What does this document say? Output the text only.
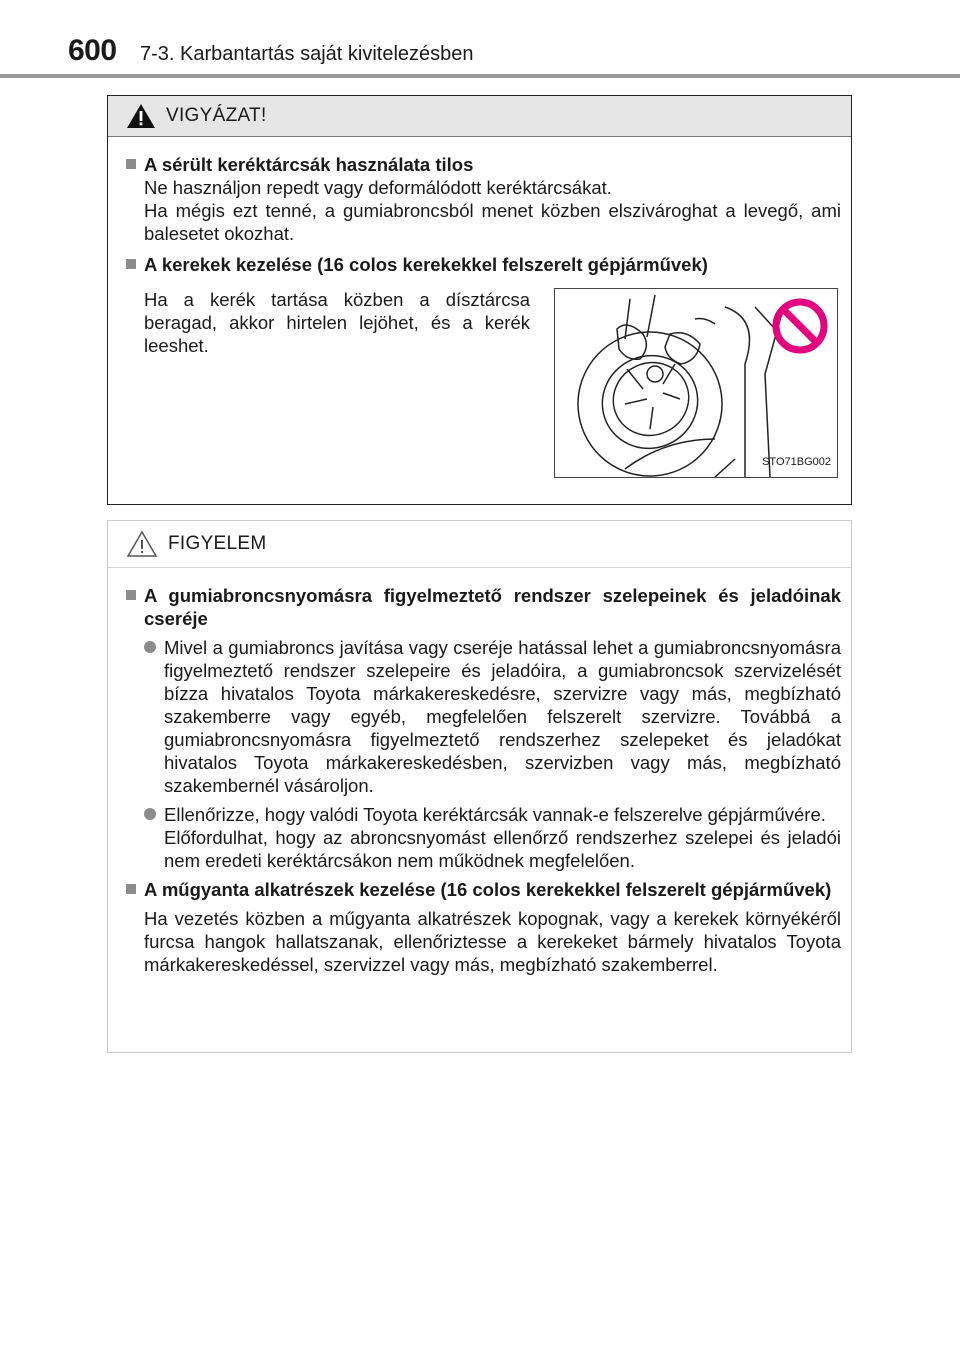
600 7-3. Karbantartás saját kivitelezésben
VIGYÁZAT!
A sérült keréktárcsák használata tilos

Ne használjon repedt vagy deformálódott keréktárcsákat.

Ha mégis ezt tenné, a gumiabroncsból menet közben elszivároghat a levegő, ami balesetet okozhat.

A kerekek kezelése (16 colos kerekekkel felszerelt gépjárművek)
Ha a kerék tartása közben a dísztárcsa beragad, akkor hirtelen lejöhet, és a kerék leeshet.
STO71BG002
FIGYELEM
A gumiabroncsnyomásra figyelmeztető rendszer szelepeinek és jeladóinak cseréje
Mivel a gumiabroncs javítása vagy cseréje hatással lehet a gumiabroncsnyomásra figyelmeztető rendszer szelepeire és jeladóira, a gumiabroncsok szervizelését bízza hivatalos Toyota márkakereskedésre, szervizre vagy más, megbízható szakemberre vagy egyéb, megfelelően felszerelt szervizre. Továbbá a gumiabroncsnyomásra figyelmeztető rendszerhez szelepeket és jeladókat hivatalos Toyota márkakereskedésben, szervizben vagy más, megbízható szakembernél vásároljon.

Ellenőrizze, hogy valódi Toyota keréktárcsák vannak-e felszerelve gépjárművére.

Előfordulhat, hogy az abroncsnyomást ellenőrző rendszerhez szelepei és jeladói nem eredeti keréktárcsákon nem működnek megfelelően.

A műgyanta alkatrészek kezelése (16 colos kerekekkel felszerelt gépjárművek)
Ha vezetés közben a műgyanta alkatrészek kopognak, vagy a kerekek környékéről furcsa hangok hallatszanak, ellenőriztesse a kerekeket bármely hivatalos Toyota márkakereskedéssel, szervizzel vagy más, megbízható szakemberrel.
